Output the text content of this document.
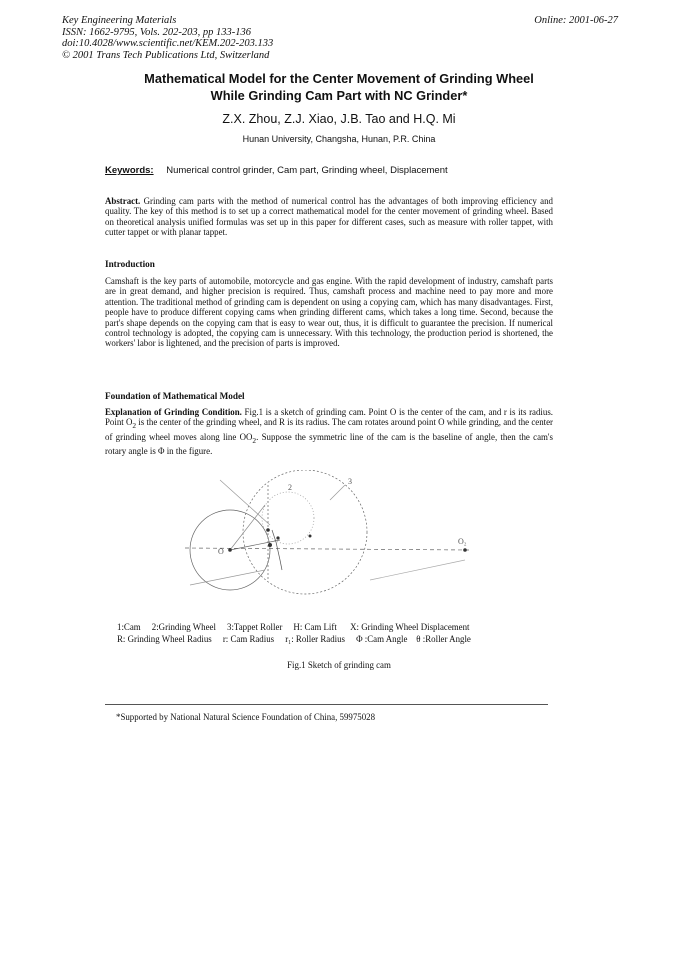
Key Engineering Materials
ISSN: 1662-9795, Vols. 202-203, pp 133-136
doi:10.4028/www.scientific.net/KEM.202-203.133
© 2001 Trans Tech Publications Ltd, Switzerland
Online: 2001-06-27
Mathematical Model for the Center Movement of Grinding Wheel
While Grinding Cam Part with NC Grinder*
Z.X. Zhou, Z.J. Xiao, J.B. Tao and H.Q. Mi
Hunan University, Changsha, Hunan, P.R. China
Keywords: Numerical control grinder, Cam part, Grinding wheel, Displacement
Abstract. Grinding cam parts with the method of numerical control has the advantages of both improving efficiency and quality. The key of this method is to set up a correct mathematical model for the center movement of grinding wheel. Based on theoretical analysis unified formulas was set up in this paper for different cases, such as measure with roller tappet, with cutter tappet or with planar tappet.
Introduction
Camshaft is the key parts of automobile, motorcycle and gas engine. With the rapid development of industry, camshaft parts are in great demand, and higher precision is required. Thus, camshaft process and machine need to pay more and more attention. The traditional method of grinding cam is dependent on using a copying cam, which has many disadvantages. First, people have to produce different copying cams when grinding different cams, which takes a long time. Second, because the part's shape depends on the copying cam that is easy to wear out, thus, it is difficult to guarantee the precision. If numerical control technology is adopted, the copying cam is unnecessary. With this technology, the production period is shortened, the workers' labor is lightened, and the precision of parts is improved.
Foundation of Mathematical Model
Explanation of Grinding Condition. Fig.1 is a sketch of grinding cam. Point O is the center of the cam, and r is its radius. Point $O_2$ is the center of the grinding wheel, and R is its radius. The cam rotates around point O while grinding, and the center of grinding wheel moves along line $OO_2$. Suppose the symmetric line of the cam is the baseline of angle, then the cam's rotary angle is Φ in the figure.
2
3
O
O₂
1:Cam     2:Grinding Wheel     3:Tappet Roller     H: Cam Lift      X: Grinding Wheel Displacement
R: Grinding Wheel Radius     r: Cam Radius     r₁: Roller Radius     Φ :Cam Angle    θ :Roller Angle
Fig.1 Sketch of grinding cam
*Supported by National Natural Science Foundation of China, 59975028
